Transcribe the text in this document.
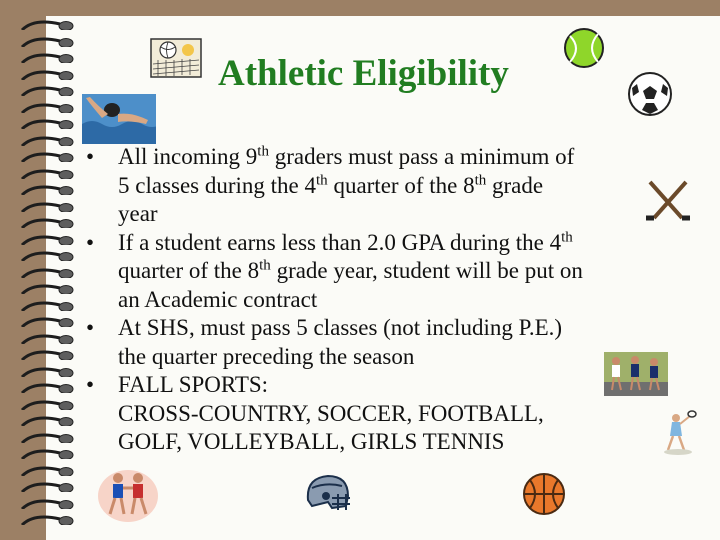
Athletic Eligibility
• All incoming 9th graders must pass a minimum of
5 classes during the 4th quarter of the 8th grade
year
• If a student earns less than 2.0 GPA during the 4th
quarter of the 8th grade year, student will be put on
an Academic contract
• At SHS, must pass 5 classes (not including P.E.)
the quarter preceding the season
• FALL SPORTS:
CROSS-COUNTRY, SOCCER, FOOTBALL,
GOLF, VOLLEYBALL, GIRLS TENNIS
